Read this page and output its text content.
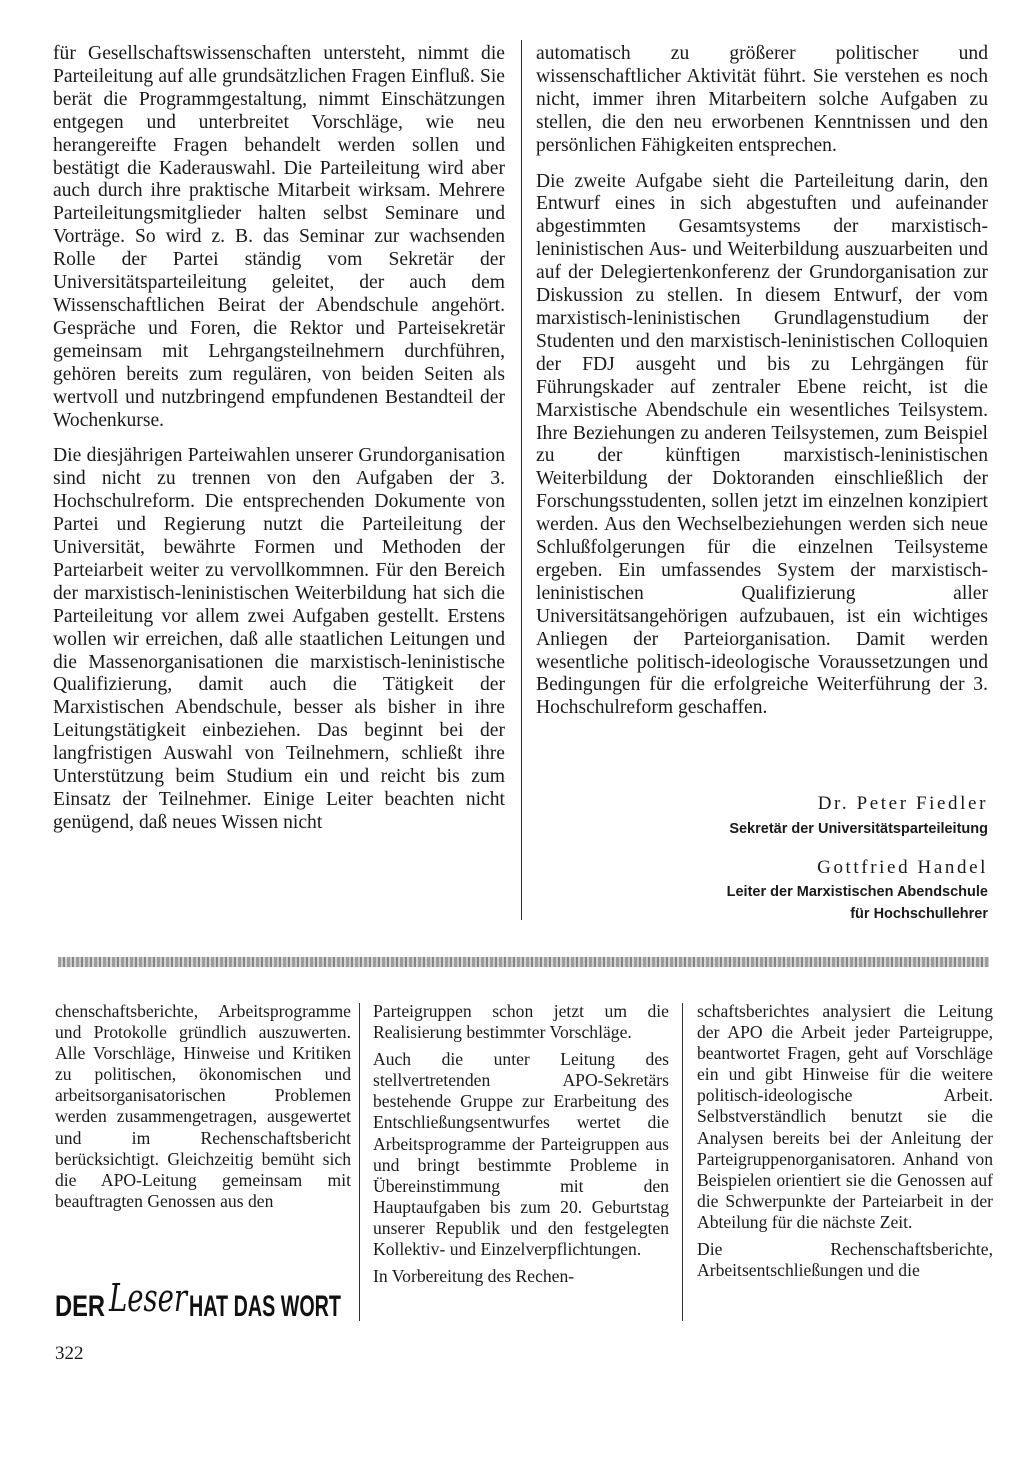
für Gesellschaftswissenschaften untersteht, nimmt die Parteileitung auf alle grundsätzlichen Fragen Einfluß. Sie berät die Programmgestaltung, nimmt Einschätzungen entgegen und unterbreitet Vorschläge, wie neu herangereifte Fragen behandelt werden sollen und bestätigt die Kaderauswahl. Die Parteileitung wird aber auch durch ihre praktische Mitarbeit wirksam. Mehrere Parteileitungsmitglieder halten selbst Seminare und Vorträge. So wird z. B. das Seminar zur wachsenden Rolle der Partei ständig vom Sekretär der Universitätsparteileitung geleitet, der auch dem Wissenschaftlichen Beirat der Abendschule angehört. Gespräche und Foren, die Rektor und Parteisekretär gemeinsam mit Lehrgangsteilnehmern durchführen, gehören bereits zum regulären, von beiden Seiten als wertvoll und nutzbringend empfundenen Bestandteil der Wochenkurse.

Die diesjährigen Parteiwahlen unserer Grundorganisation sind nicht zu trennen von den Aufgaben der 3. Hochschulreform. Die entsprechenden Dokumente von Partei und Regierung nutzt die Parteileitung der Universität, bewährte Formen und Methoden der Parteiarbeit weiter zu vervollkommnen. Für den Bereich der marxistisch-leninistischen Weiterbildung hat sich die Parteileitung vor allem zwei Aufgaben gestellt. Erstens wollen wir erreichen, daß alle staatlichen Leitungen und die Massenorganisationen die marxistisch-leninistische Qualifizierung, damit auch die Tätigkeit der Marxistischen Abendschule, besser als bisher in ihre Leitungstätigkeit einbeziehen. Das beginnt bei der langfristigen Auswahl von Teilnehmern, schließt ihre Unterstützung beim Studium ein und reicht bis zum Einsatz der Teilnehmer. Einige Leiter beachten nicht genügend, daß neues Wissen nicht

automatisch zu größerer politischer und wissenschaftlicher Aktivität führt. Sie verstehen es noch nicht, immer ihren Mitarbeitern solche Aufgaben zu stellen, die den neu erworbenen Kenntnissen und den persönlichen Fähigkeiten entsprechen.

Die zweite Aufgabe sieht die Parteileitung darin, den Entwurf eines in sich abgestuften und aufeinander abgestimmten Gesamtsystems der marxistisch-leninistischen Aus- und Weiterbildung auszuarbeiten und auf der Delegiertenkonferenz der Grundorganisation zur Diskussion zu stellen. In diesem Entwurf, der vom marxistisch-leninistischen Grundlagenstudium der Studenten und den marxistisch-leninistischen Colloquien der FDJ ausgeht und bis zu Lehrgängen für Führungskader auf zentraler Ebene reicht, ist die Marxistische Abendschule ein wesentliches Teilsystem. Ihre Beziehungen zu anderen Teilsystemen, zum Beispiel zu der künftigen marxistisch-leninistischen Weiterbildung der Doktoranden einschließlich der Forschungsstudenten, sollen jetzt im einzelnen konzipiert werden. Aus den Wechselbeziehungen werden sich neue Schlußfolgerungen für die einzelnen Teilsysteme ergeben. Ein umfassendes System der marxistisch-leninistischen Qualifizierung aller Universitätsangehörigen aufzubauen, ist ein wichtiges Anliegen der Parteiorganisation. Damit werden wesentliche politisch-ideologische Voraussetzungen und Bedingungen für die erfolgreiche Weiterführung der 3. Hochschulreform geschaffen.

Dr. Peter Fiedler
Sekretär der Universitätsparteileitung
Gottfried Handel
Leiter der Marxistischen Abendschule
für Hochschullehrer

chenschaftsberichte, Arbeitsprogramme und Protokolle gründlich auszuwerten. Alle Vorschläge, Hinweise und Kritiken zu politischen, ökonomischen und arbeitsorganisatorischen Problemen werden zusammengetragen, ausgewertet und im Rechenschaftsbericht berücksichtigt. Gleichzeitig bemüht sich die APO-Leitung gemeinsam mit beauftragten Genossen aus den

Parteigruppen schon jetzt um die Realisierung bestimmter Vorschläge.

Auch die unter Leitung des stellvertretenden APO-Sekretärs bestehende Gruppe zur Erarbeitung des Entschließungsentwurfes wertet die Arbeitsprogramme der Parteigruppen aus und bringt bestimmte Probleme in Übereinstimmung mit den Hauptaufgaben bis zum 20. Geburtstag unserer Republik und den festgelegten Kollektiv- und Einzelverpflichtungen.

In Vorbereitung des Rechen-

schaftsberichtes analysiert die Leitung der APO die Arbeit jeder Parteigruppe, beantwortet Fragen, geht auf Vorschläge ein und gibt Hinweise für die weitere politisch-ideologische Arbeit. Selbstverständlich benutzt sie die Analysen bereits bei der Anleitung der Parteigruppenorganisatoren. Anhand von Beispielen orientiert sie die Genossen auf die Schwerpunkte der Parteiarbeit in der Abteilung für die nächste Zeit.

Die Rechenschaftsberichte, Arbeitsentschließungen und die

DER Leser HAT DAS WORT
322
